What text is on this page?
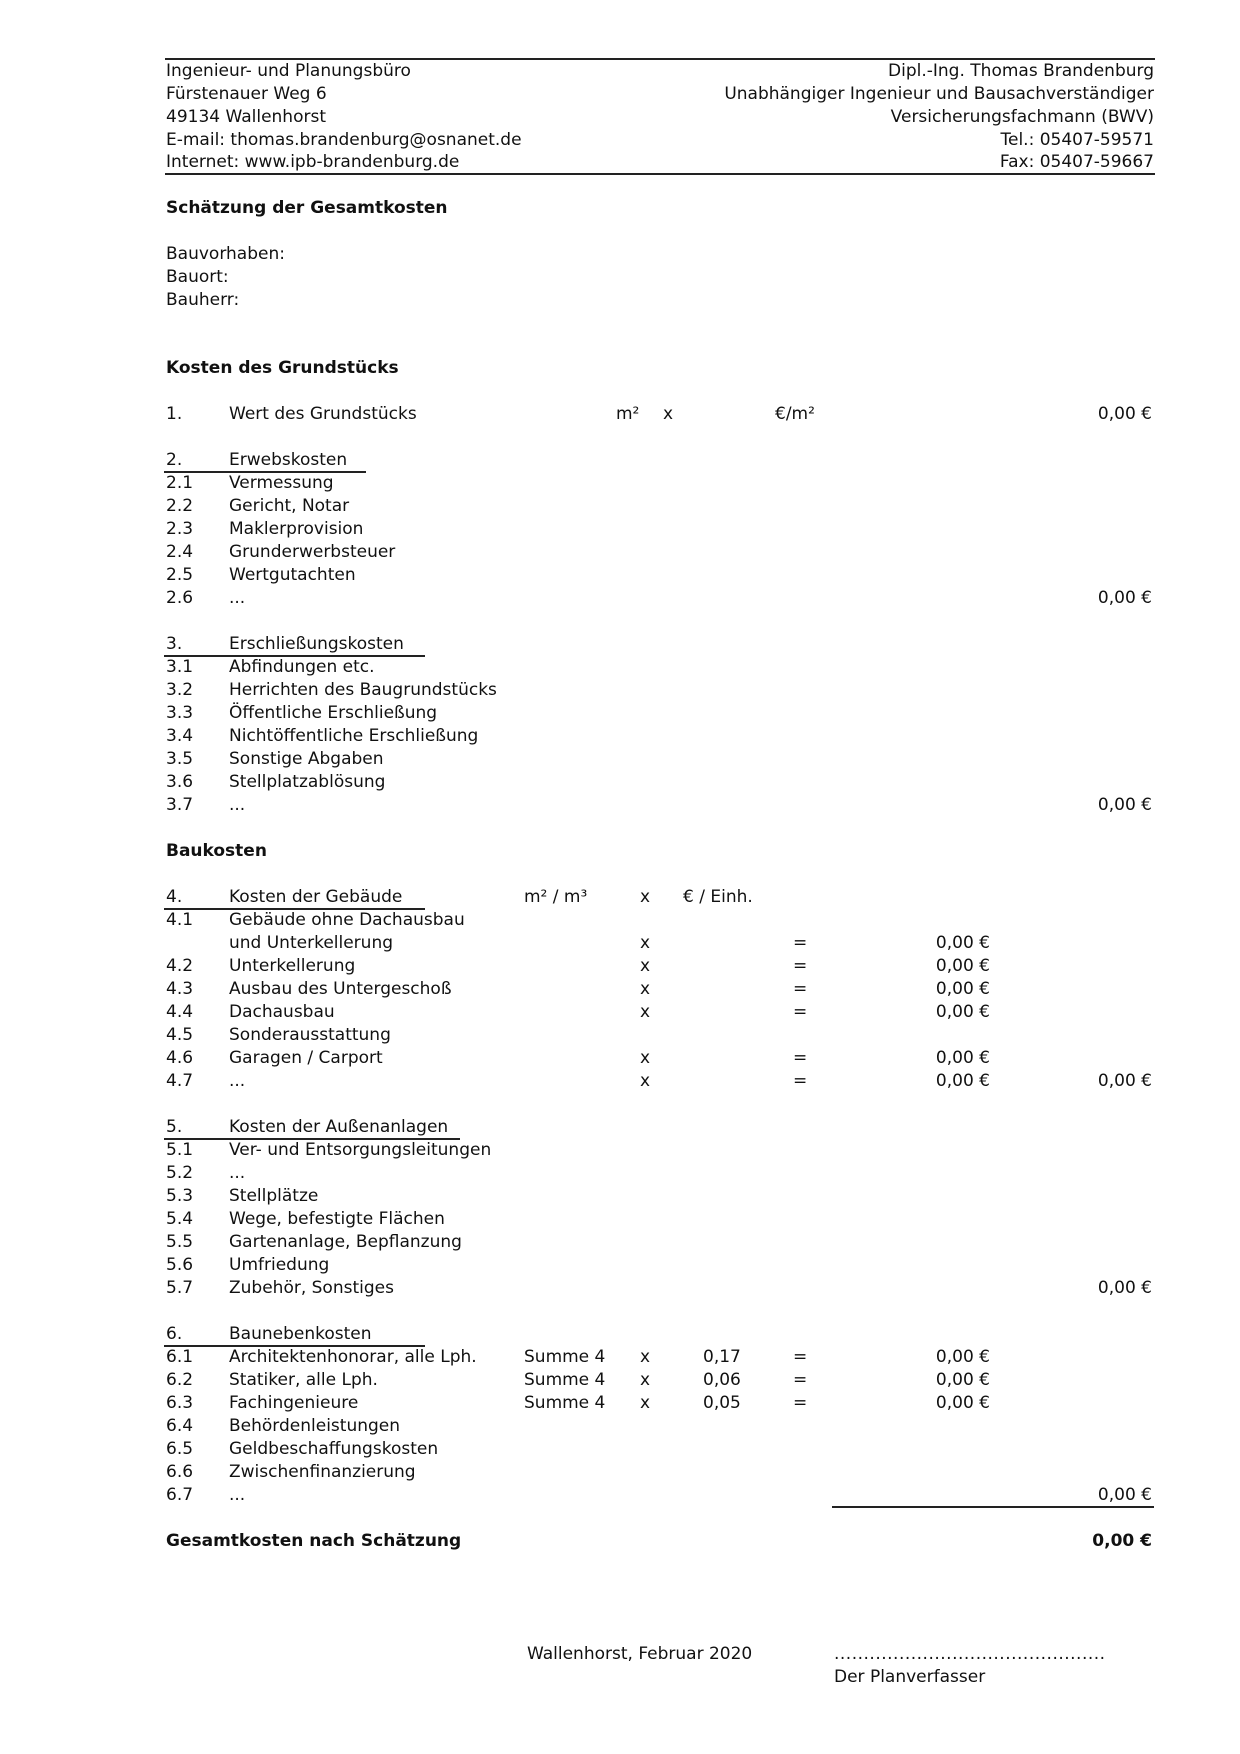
Ingenieur- und Planungsbüro
Fürstenauer Weg 6
49134 Wallenhorst
E-mail: thomas.brandenburg@osnanet.de
Internet: www.ipb-brandenburg.de
Dipl.-Ing. Thomas Brandenburg
Unabhängiger Ingenieur und Bausachverständiger
Versicherungsfachmann (BWV)
Tel.: 05407-59571
Fax: 05407-59667
Schätzung der Gesamtkosten
Bauvorhaben:
Bauort:
Bauherr:
Kosten des Grundstücks
1.	Wert des Grundstücks	m² x	€/m²	0,00 €
2.	Erwebskosten
2.1 Vermessung
2.2 Gericht, Notar
2.3 Maklerprovision
2.4 Grunderwerbsteuer
2.5 Wertgutachten
2.6 ...	0,00 €
3.	Erschließungskosten
3.1 Abfindungen etc.
3.2 Herrichten des Baugrundstücks
3.3 Öffentliche Erschließung
3.4 Nichtöffentliche Erschließung
3.5 Sonstige Abgaben
3.6 Stellplatzablösung
3.7 ...	0,00 €
Baukosten
4.	Kosten der Gebäude	m² / m³	x € / Einh.
4.1 Gebäude ohne Dachausbau
und Unterkellerung	x	=	0,00 €
4.2 Unterkellerung	x	=	0,00 €
4.3 Ausbau des Untergeschoß	x	=	0,00 €
4.4 Dachausbau	x	=	0,00 €
4.5 Sonderausstattung
4.6 Garagen / Carport	x	=	0,00 €
4.7 ...	x	=	0,00 €	0,00 €
5.	Kosten der Außenanlagen
5.1 Ver- und Entsorgungsleitungen
5.2 ...
5.3 Stellplätze
5.4 Wege, befestigte Flächen
5.5 Gartenanlage, Bepflanzung
5.6 Umfriedung
5.7 Zubehör, Sonstiges	0,00 €
6.	Baunebenkosten
6.1 Architektenhonorar, alle Lph.	Summe 4 x	0,17	=	0,00 €
6.2 Statiker, alle Lph.	Summe 4 x	0,06	=	0,00 €
6.3 Fachingenieure	Summe 4 x	0,05	=	0,00 €
6.4 Behördenleistungen
6.5 Geldbeschaffungskosten
6.6 Zwischenfinanzierung
6.7 ...	0,00 €
Gesamtkosten nach Schätzung	0,00 €
Wallenhorst, Februar 2020	..............................................
Der Planverfasser
